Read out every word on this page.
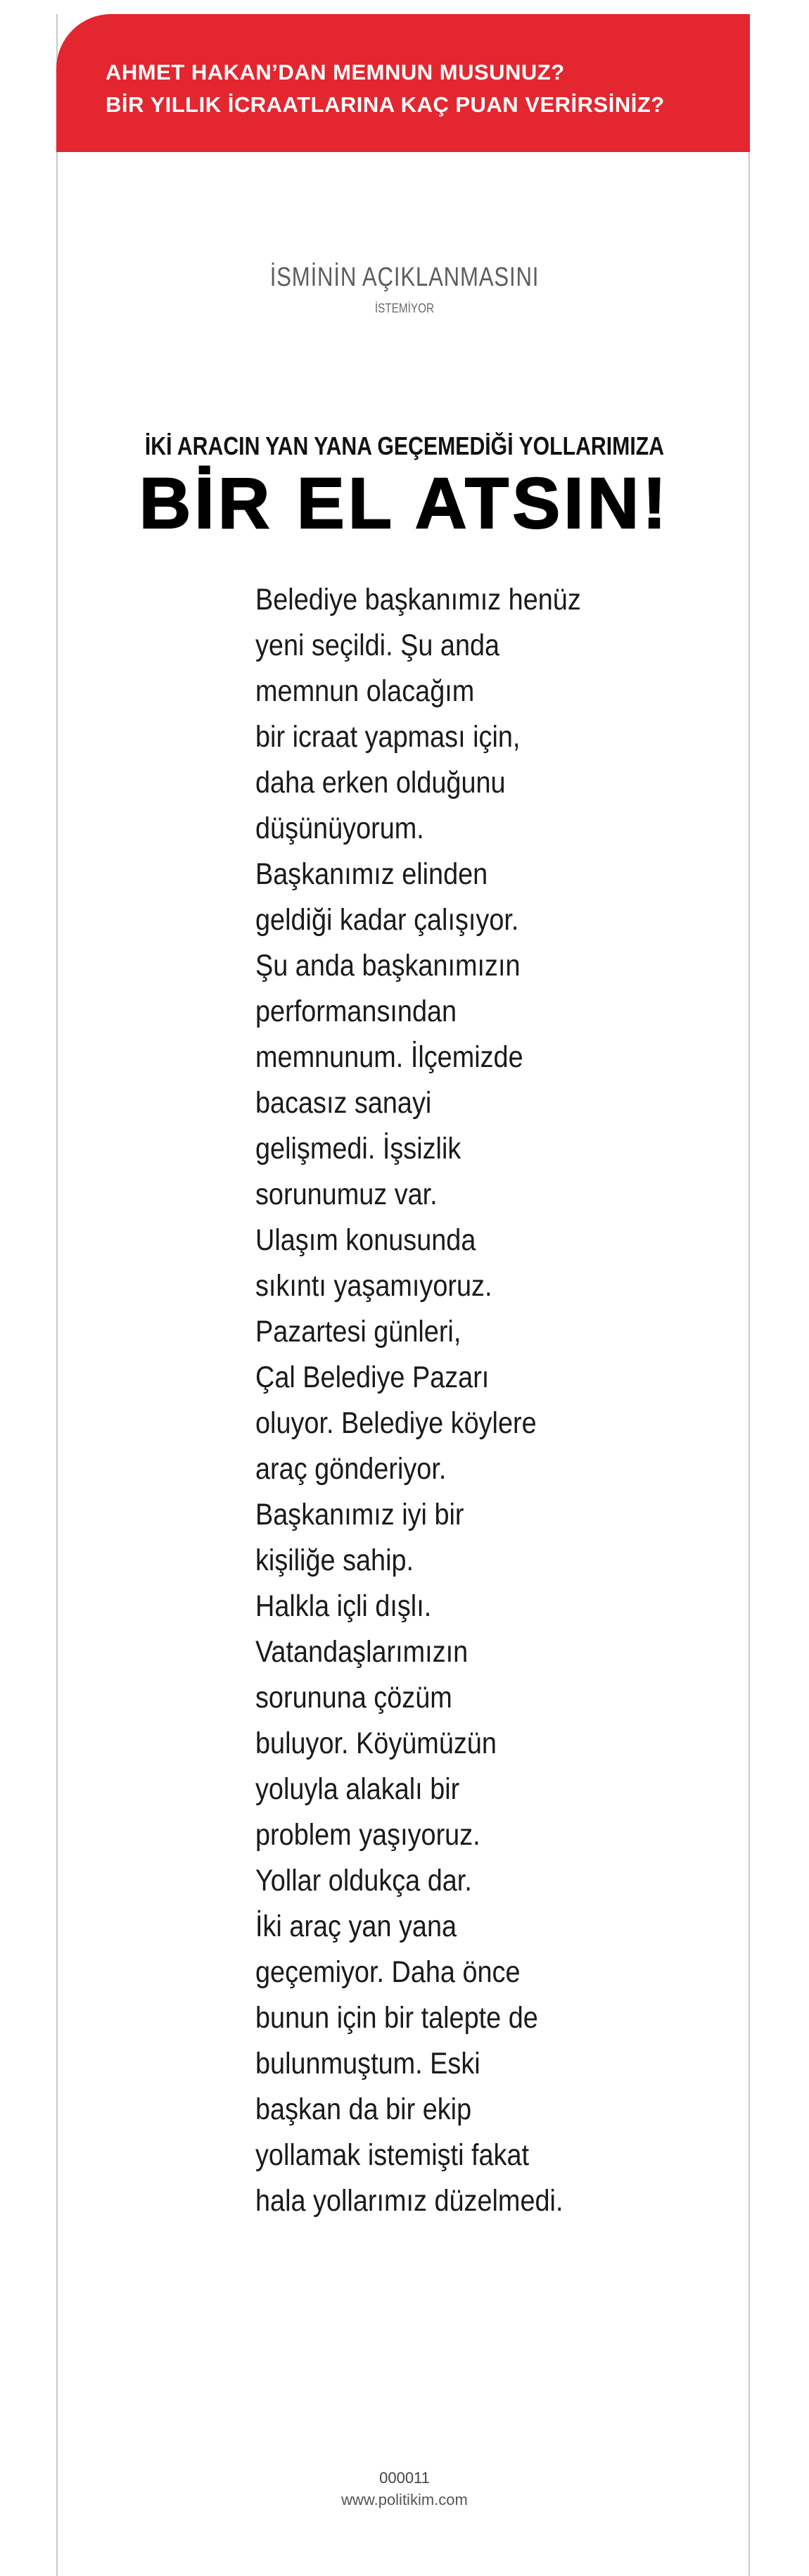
AHMET HAKAN’DAN MEMNUN MUSUNUZ?
BİR YILLIK İCRAATLARINA KAÇ PUAN VERİRSİNİZ?
İSMİNİN AÇIKLANMASINI
İSTEMİYOR
İKİ ARACIN YAN YANA GEÇEMEDİĞİ YOLLARIMIZA
BİR EL ATSIN!
Belediye başkanımız henüz
yeni seçildi. Şu anda
memnun olacağım
bir icraat yapması için,
daha erken olduğunu
düşünüyorum.
Başkanımız elinden
geldiği kadar çalışıyor.
Şu anda başkanımızın
performansından
memnunum. İlçemizde
bacasız sanayi
gelişmedi. İşsizlik
sorunumuz var.
Ulaşım konusunda
sıkıntı yaşamıyoruz.
Pazartesi günleri,
Çal Belediye Pazarı
oluyor. Belediye köylere
araç gönderiyor.
Başkanımız iyi bir
kişiliğe sahip.
Halkla içli dışlı.
Vatandaşlarımızın
sorununa çözüm
buluyor. Köyümüzün
yoluyla alakalı bir
problem yaşıyoruz.
Yollar oldukça dar.
İki araç yan yana
geçemiyor. Daha önce
bunun için bir talepte de
bulunmuştum. Eski
başkan da bir ekip
yollamak istemişti fakat
hala yollarımız düzelmedi.
000011
www.politikim.com
